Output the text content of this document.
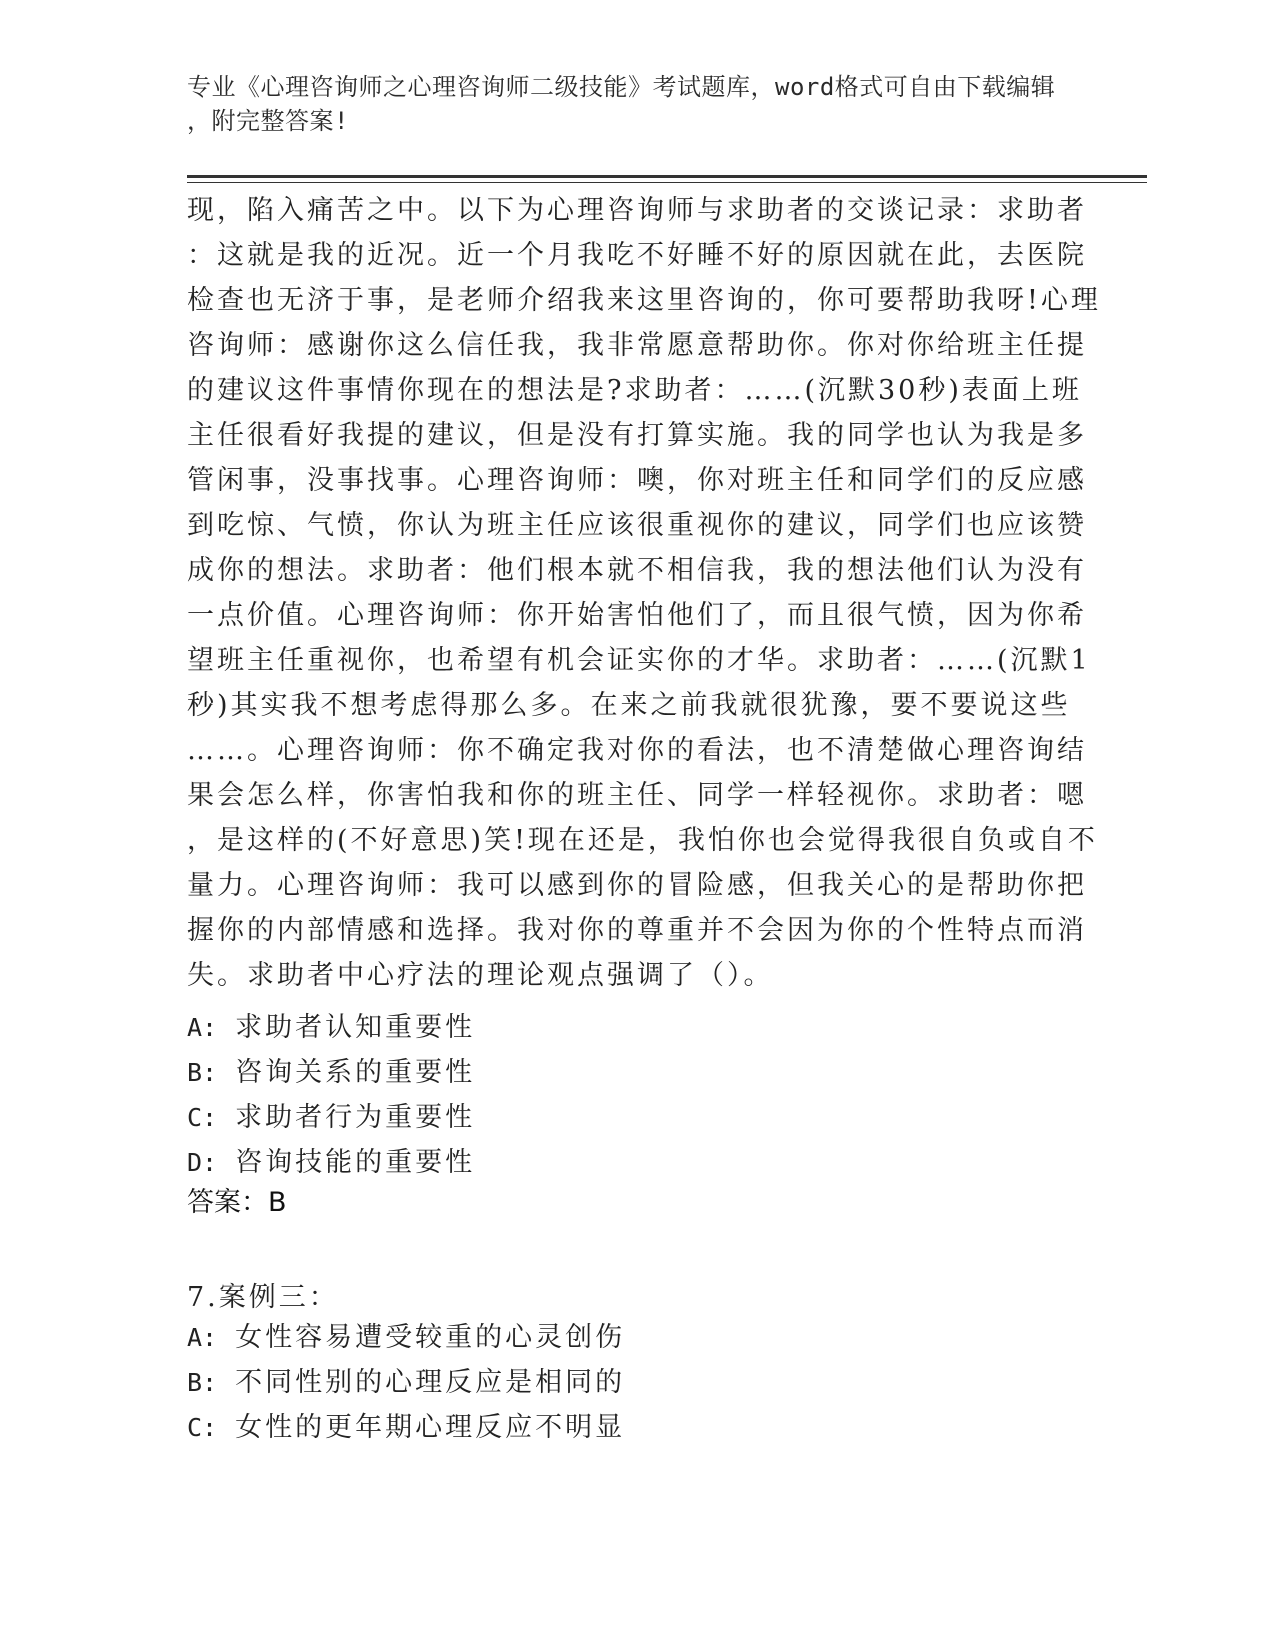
专业《心理咨询师之心理咨询师二级技能》考试题库，word格式可自由下载编辑
，附完整答案!
现，陷入痛苦之中。以下为心理咨询师与求助者的交谈记录：求助者
：这就是我的近况。近一个月我吃不好睡不好的原因就在此，去医院
检查也无济于事，是老师介绍我来这里咨询的，你可要帮助我呀!心理
咨询师：感谢你这么信任我，我非常愿意帮助你。你对你给班主任提
的建议这件事情你现在的想法是?求助者：……(沉默30秒)表面上班
主任很看好我提的建议，但是没有打算实施。我的同学也认为我是多
管闲事，没事找事。心理咨询师：噢，你对班主任和同学们的反应感
到吃惊、气愤，你认为班主任应该很重视你的建议，同学们也应该赞
成你的想法。求助者：他们根本就不相信我，我的想法他们认为没有
一点价值。心理咨询师：你开始害怕他们了，而且很气愤，因为你希
望班主任重视你，也希望有机会证实你的才华。求助者：……(沉默1
秒)其实我不想考虑得那么多。在来之前我就很犹豫，要不要说这些
……。心理咨询师：你不确定我对你的看法，也不清楚做心理咨询结
果会怎么样，你害怕我和你的班主任、同学一样轻视你。求助者：嗯
，是这样的(不好意思)笑!现在还是，我怕你也会觉得我很自负或自不
量力。心理咨询师：我可以感到你的冒险感，但我关心的是帮助你把
握你的内部情感和选择。我对你的尊重并不会因为你的个性特点而消
失。求助者中心疗法的理论观点强调了（）。
A: 求助者认知重要性
B: 咨询关系的重要性
C: 求助者行为重要性
D: 咨询技能的重要性
答案：B
7.案例三：
A: 女性容易遭受较重的心灵创伤
B: 不同性别的心理反应是相同的
C: 女性的更年期心理反应不明显
